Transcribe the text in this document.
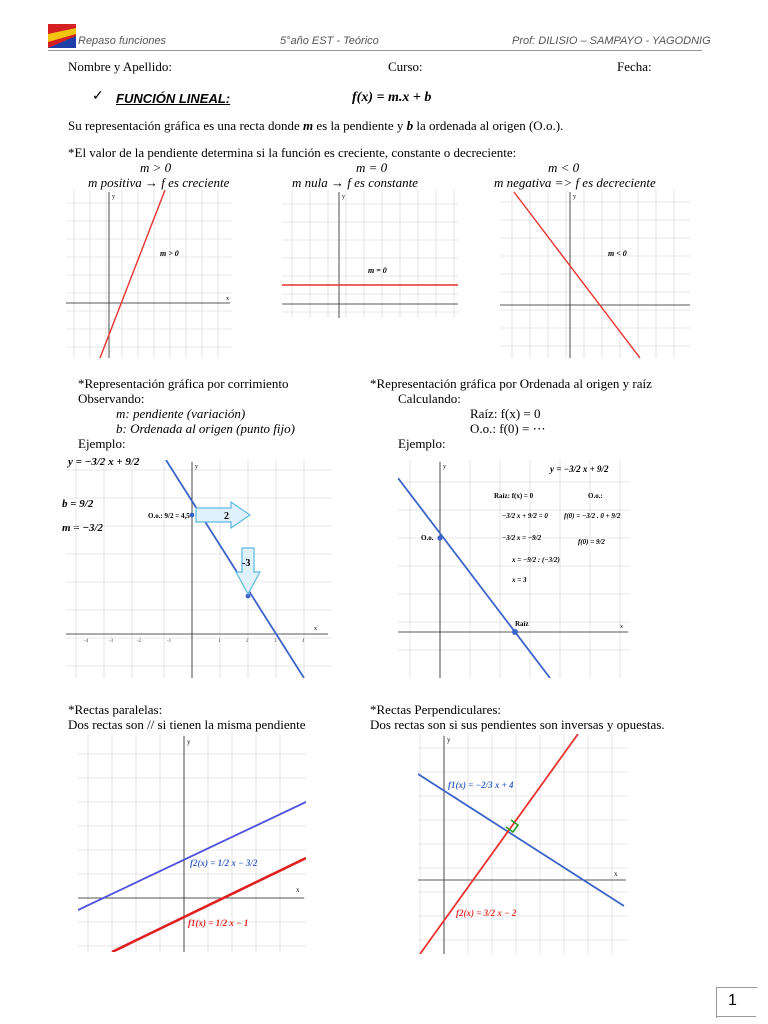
Repaso funciones	5°año EST - Teórico	Prof: DILISIO – SAMPAYO - YAGODNIG
Nombre y Apellido:	Curso:	Fecha:
✓ FUNCIÓN LINEAL:	f(x) = m.x + b
Su representación gráfica es una recta donde m es la pendiente y b la ordenada al origen (O.o.).
*El valor de la pendiente determina si la función es creciente, constante o decreciente:
m > 0
m positiva → f es creciente
m = 0
m nula → f es constante
m < 0
m negativa => f es decreciente
x
y
m > 0
y
m = 0
y
m < 0
*Representación gráfica por corrimiento
Observando:
m: pendiente (variación)
b: Ordenada al origen (punto fijo)
Ejemplo:
*Representación gráfica por Ordenada al origen y raíz
Calculando:
Raíz: f(x) = 0
O.o.: f(0) = ⋯
Ejemplo:
y = −3/2 x + 9/2
b = 9/2
m = −3/2
y
x
-4	-3	-2	-1	1	2	3	4
2
-3
O.o.: 9/2 = 4,5
y
x
O.o.
Raíz
y = −3/2 x + 9/2
Raíz: f(x) = 0
−3/2 x + 9/2 = 0
−3/2 x = −9/2
x = −9/2 : (−3/2)
x = 3
O.o.:
f(0) = −3/2 . 0 + 9/2
f(0) = 9/2
*Rectas paralelas:
Dos rectas son // si tienen la misma pendiente
*Rectas Perpendiculares:
Dos rectas son si sus pendientes son inversas y opuestas.
y
x
f2(x) = 1/2 x − 3/2
f1(x) = 1/2 x − 1
y
x
f1(x) = −2/3 x + 4
f2(x) = 3/2 x − 2
1
